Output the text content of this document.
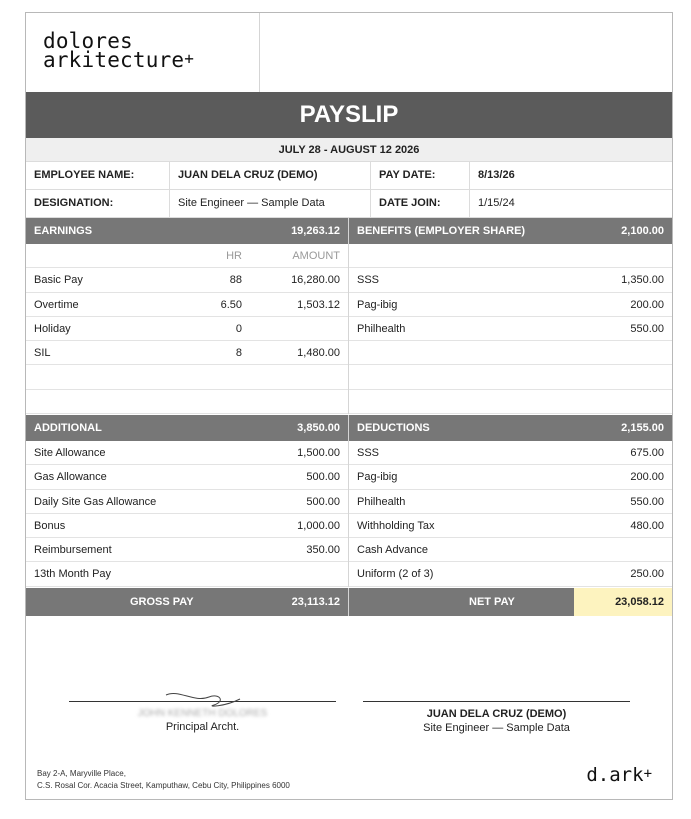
dolores
arkitecture+
PAYSLIP
JULY 28 - AUGUST 12 2026
EMPLOYEE NAME:	JUAN DELA CRUZ (DEMO)	PAY DATE:	8/13/26
DESIGNATION:	Site Engineer — Sample Data	DATE JOIN:	1/15/24
EARNINGS	19,263.12
HR	AMOUNT
Basic Pay	88	16,280.00
Overtime	6.50	1,503.12
Holiday	0
SIL	8	1,480.00
BENEFITS (EMPLOYER SHARE)	2,100.00
SSS	1,350.00
Pag-ibig	200.00
Philhealth	550.00
ADDITIONAL	3,850.00
Site Allowance	1,500.00
Gas Allowance	500.00
Daily Site Gas Allowance	500.00
Bonus	1,000.00
Reimbursement	350.00
13th Month Pay
DEDUCTIONS	2,155.00
SSS	675.00
Pag-ibig	200.00
Philhealth	550.00
Withholding Tax	480.00
Cash Advance
Uniform (2 of 3)	250.00
GROSS PAY	23,113.12	NET PAY	23,058.12
JOHN KENNETH DOLORES
Principal Archt.
JUAN DELA CRUZ (DEMO)
Site Engineer — Sample Data
Bay 2-A, Maryville Place,
C.S. Rosal Cor. Acacia Street, Kamputhaw, Cebu City, Philippines 6000	d.ark+
